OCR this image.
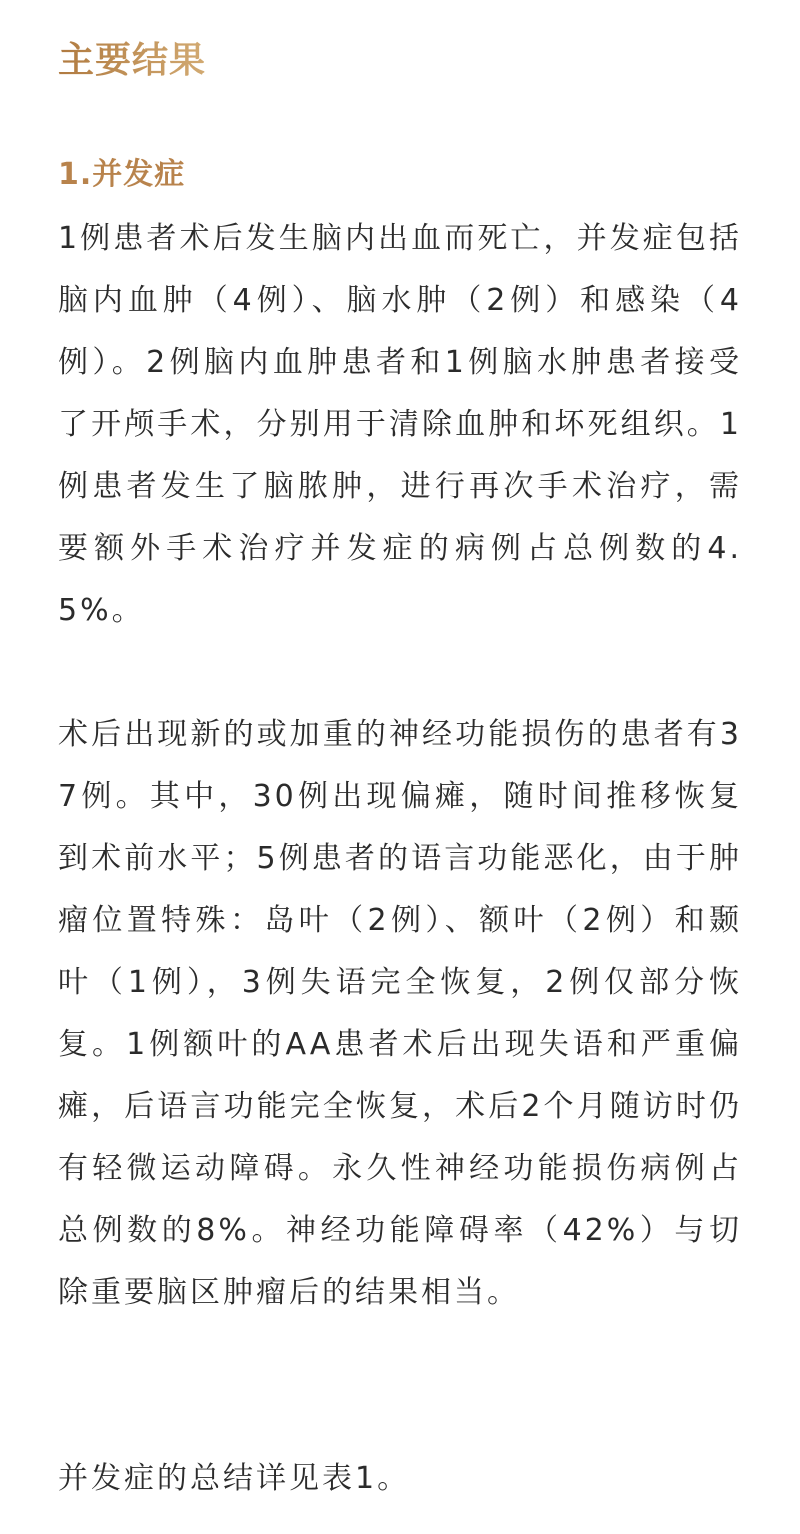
主要结果
1.并发症

1例患者术后发生脑内出血而死亡，并发症包括脑内血肿（4例）、脑水肿（2例）和感染（4例）。2例脑内血肿患者和1例脑水肿患者接受了开颅手术，分别用于清除血肿和坏死组织。1例患者发生了脑脓肿，进行再次手术治疗，需要额外手术治疗并发症的病例占总例数的4.5%。

术后出现新的或加重的神经功能损伤的患者有37例。其中，30例出现偏瘫，随时间推移恢复到术前水平；5例患者的语言功能恶化，由于肿瘤位置特殊：岛叶（2例）、额叶（2例）和颞叶（1例），3例失语完全恢复，2例仅部分恢复。1例额叶的AA患者术后出现失语和严重偏瘫，后语言功能完全恢复，术后2个月随访时仍有轻微运动障碍。永久性神经功能损伤病例占总例数的8%。神经功能障碍率（42%）与切除重要脑区肿瘤后的结果相当。

并发症的总结详见表1。
